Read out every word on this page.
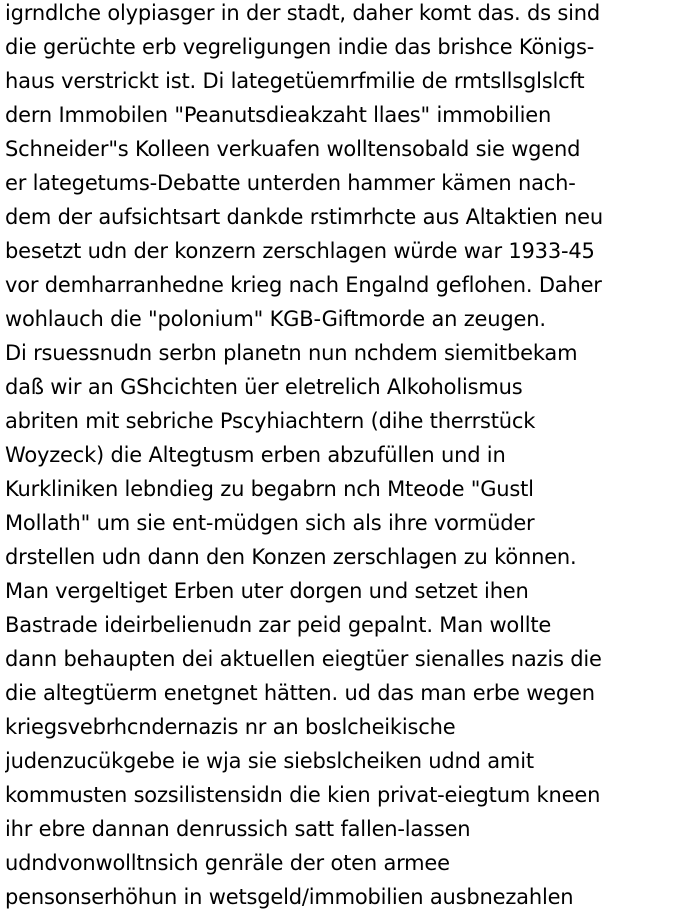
igrndlche olypiasger in der stadt, daher komt das. ds sind
die gerüchte erb vegreligungen indie das brishce Königs-
haus verstrickt ist. Di lategetüemrfmilie de rmtsllsglslcft
dern Immobilen "Peanutsdieakzaht llaes" immobilien
Schneider"s Kolleen verkuafen wolltensobald sie wgend
er lategetums-Debatte unterden hammer kämen nach-
dem der aufsichtsart dankde rstimrhcte aus Altaktien neu
besetzt udn der konzern zerschlagen würde war 1933-45
vor demharranhedne krieg nach Engalnd geflohen. Daher
wohlauch die "polonium" KGB-Giftmorde an zeugen.
Di rsuessnudn serbn planetn nun nchdem siemitbekam
daß wir an GShcichten üer eletrelich Alkoholismus
abriten mit sebriche Pscyhiachtern (dihe therrstück
Woyzeck) die Altegtusm erben abzufüllen und in
Kurkliniken lebndieg zu begabrn nch Mteode "Gustl
Mollath" um sie ent-müdgen sich als ihre vormüder
drstellen udn dann den Konzen zerschlagen zu können.
Man vergeltiget Erben uter dorgen und setzet ihen
Bastrade ideirbelienudn zar peid gepalnt. Man wollte
dann behaupten dei aktuellen eiegtüer sienalles nazis die
die altegtüerm enetgnet hätten. ud das man erbe wegen
kriegsvebrhcndernazis nr an boslcheikische
judenzucükgebe ie wja sie siebslcheiken udnd amit
kommusten sozsilistensidn die kien privat-eiegtum kneen
ihr ebre dannan denrussich satt fallen-lassen
udndvonwolltnsich genräle der oten armee
pensonserhöhun in wetsgeld/immobilien ausbnezahlen
